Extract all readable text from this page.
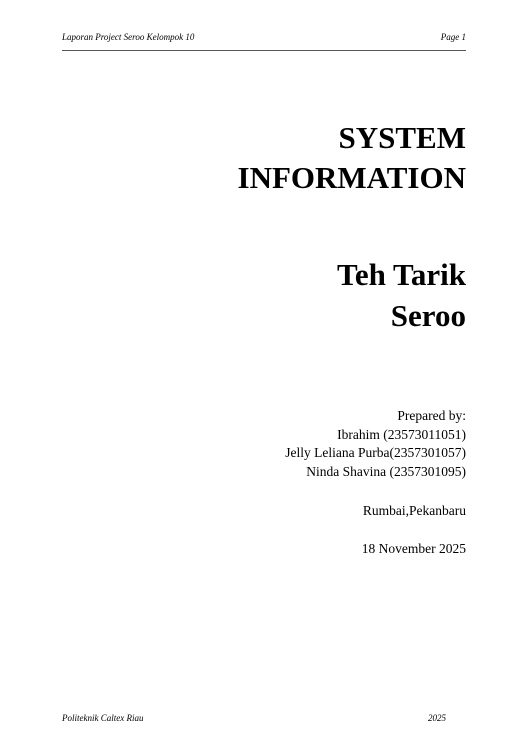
Laporan Project Seroo Kelompok 10	Page 1
SYSTEM
INFORMATION
Teh Tarik
Seroo
Prepared by:
Ibrahim (23573011051)
Jelly Leliana Purba(2357301057)
Ninda Shavina (2357301095)
Rumbai,Pekanbaru
18 November 2025
Politeknik Caltex Riau	2025
